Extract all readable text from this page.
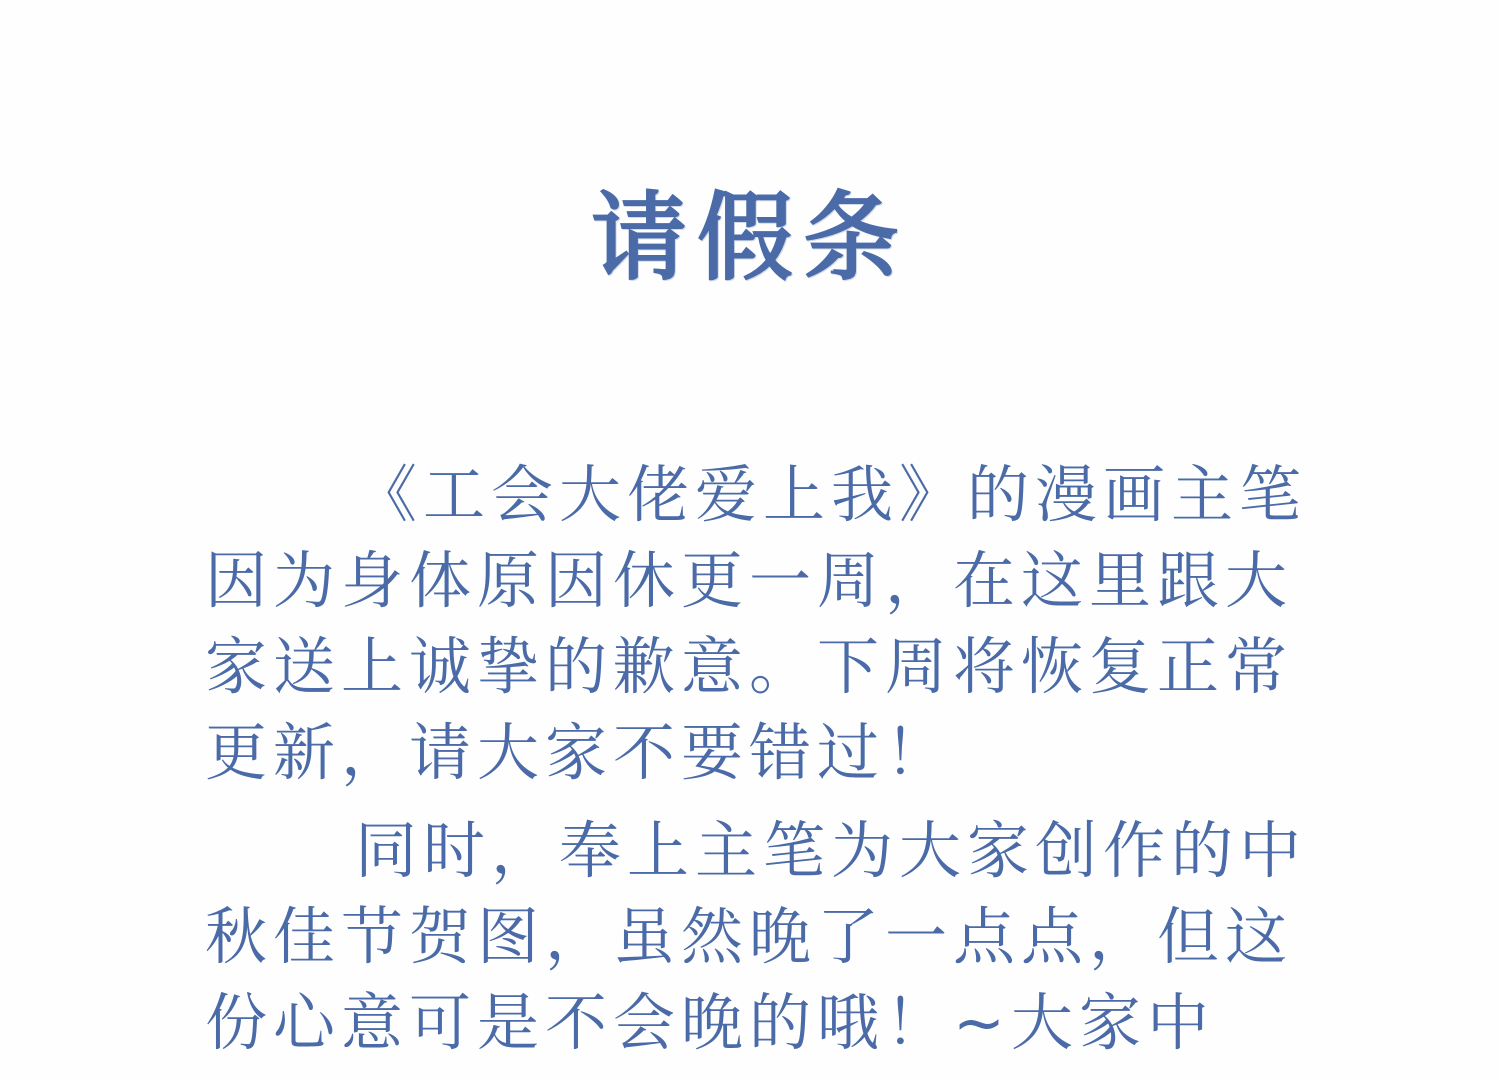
请假条

《工会大佬爱上我》的漫画主笔因为身体原因休更一周，在这里跟大家送上诚挚的歉意。下周将恢复正常更新，请大家不要错过！

同时，奉上主笔为大家创作的中秋佳节贺图，虽然晚了一点点，但这份心意可是不会晚的哦！~大家中
